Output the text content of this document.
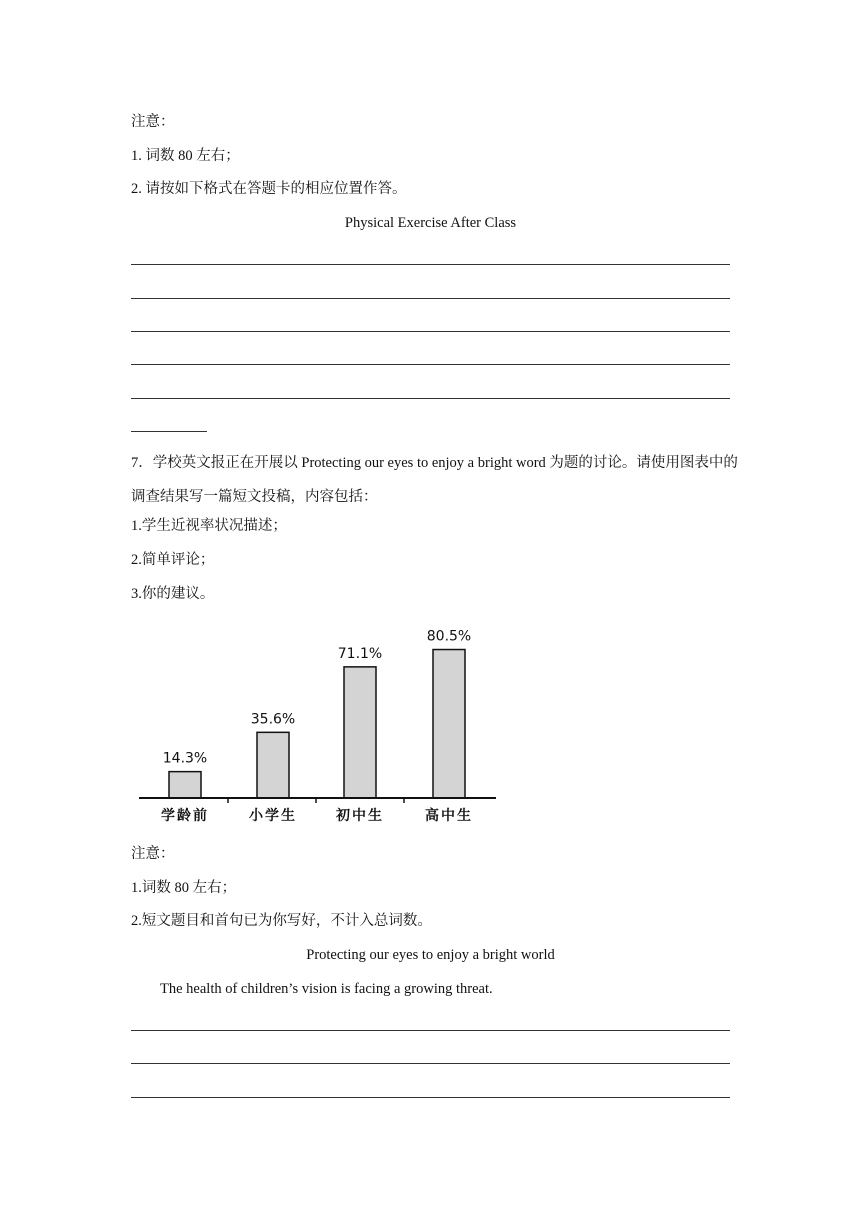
注意：
1. 词数 80 左右；
2. 请按如下格式在答题卡的相应位置作答。
Physical Exercise After Class
7．学校英文报正在开展以 Protecting our eyes to enjoy a bright word 为题的讨论。请使用图表中的调查结果写一篇短文投稿，内容包括：
1.学生近视率状况描述；
2.简单评论；
3.你的建议。
14.3%
学龄前
35.6%
小学生
71.1%
初中生
80.5%
高中生
注意：
1.词数 80 左右；
2.短文题目和首句已为你写好，不计入总词数。
Protecting our eyes to enjoy a bright world
The health of children’s vision is facing a growing threat.
